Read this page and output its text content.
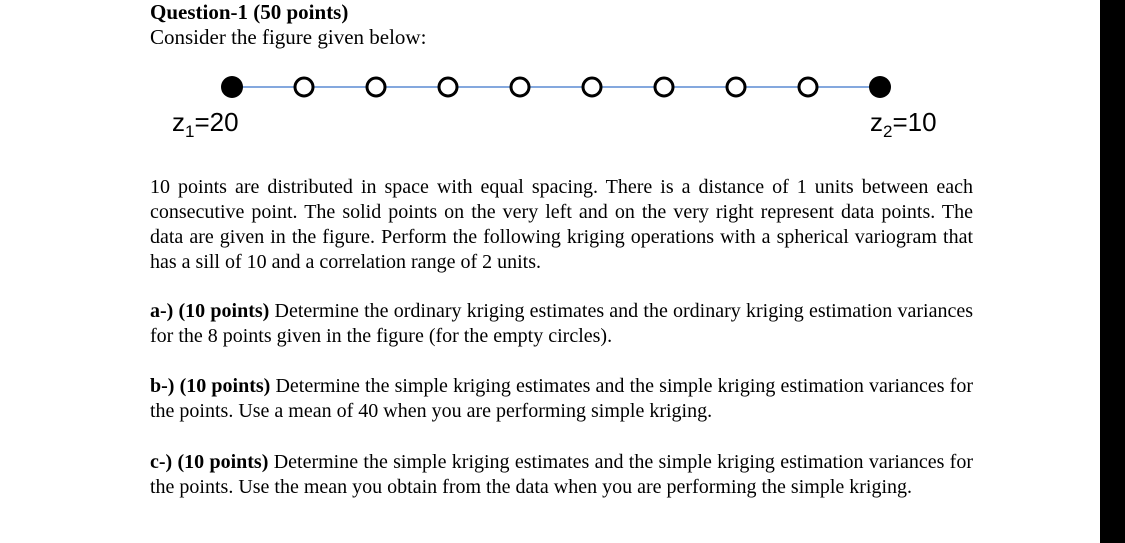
Question-1 (50 points)
Consider the figure given below:
$z_1=20$	$z_2=10$

10 points are distributed in space with equal spacing. There is a distance of 1 units between each consecutive point. The solid points on the very left and on the very right represent data points. The data are given in the figure. Perform the following kriging operations with a spherical variogram that has a sill of 10 and a correlation range of 2 units.

a-) (10 points) Determine the ordinary kriging estimates and the ordinary kriging estimation variances for the 8 points given in the figure (for the empty circles).

b-) (10 points) Determine the simple kriging estimates and the simple kriging estimation variances for the points. Use a mean of 40 when you are performing simple kriging.

c-) (10 points) Determine the simple kriging estimates and the simple kriging estimation variances for the points. Use the mean you obtain from the data when you are performing the simple kriging.
